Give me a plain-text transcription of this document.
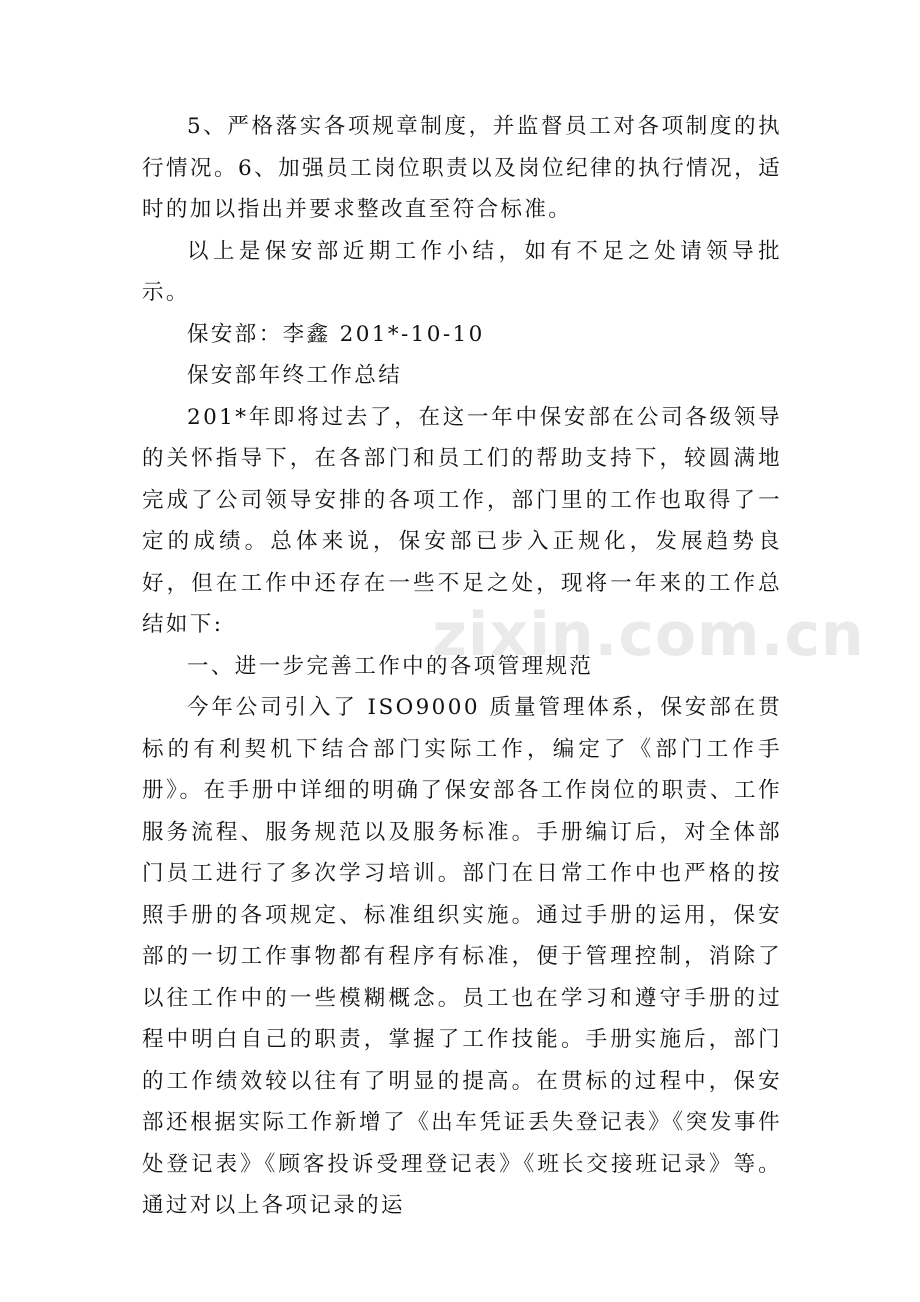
5、严格落实各项规章制度，并监督员工对各项制度的执行情况。6、加强员工岗位职责以及岗位纪律的执行情况，适时的加以指出并要求整改直至符合标准。

以上是保安部近期工作小结，如有不足之处请领导批示。

保安部：李鑫 201*-10-10

保安部年终工作总结

201*年即将过去了，在这一年中保安部在公司各级领导的关怀指导下，在各部门和员工们的帮助支持下，较圆满地完成了公司领导安排的各项工作，部门里的工作也取得了一定的成绩。总体来说，保安部已步入正规化，发展趋势良好，但在工作中还存在一些不足之处，现将一年来的工作总结如下:

一、进一步完善工作中的各项管理规范

今年公司引入了 ISO9000 质量管理体系，保安部在贯标的有利契机下结合部门实际工作，编定了《部门工作手册》。在手册中详细的明确了保安部各工作岗位的职责、工作服务流程、服务规范以及服务标准。手册编订后，对全体部门员工进行了多次学习培训。部门在日常工作中也严格的按照手册的各项规定、标准组织实施。通过手册的运用，保安部的一切工作事物都有程序有标准，便于管理控制，消除了以往工作中的一些模糊概念。员工也在学习和遵守手册的过程中明白自己的职责，掌握了工作技能。手册实施后，部门的工作绩效较以往有了明显的提高。在贯标的过程中，保安部还根据实际工作新增了《出车凭证丢失登记表》《突发事件处登记表》《顾客投诉受理登记表》《班长交接班记录》等。通过对以上各项记录的运

zixin.com.cn
